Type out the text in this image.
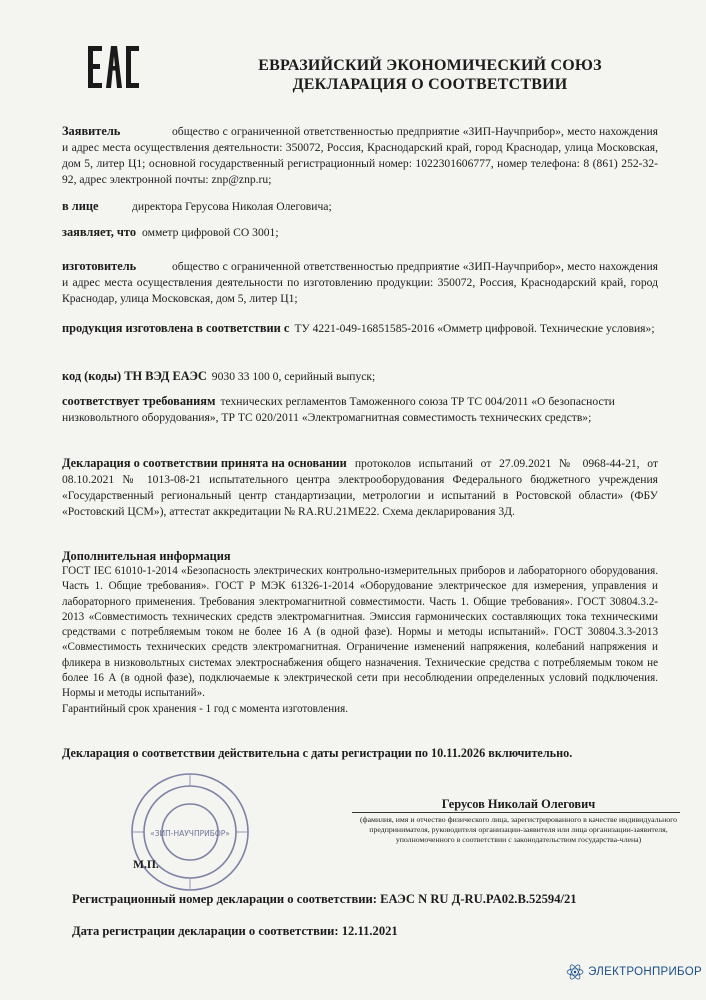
ЕВРАЗИЙСКИЙ ЭКОНОМИЧЕСКИЙ СОЮЗ
ДЕКЛАРАЦИЯ О СООТВЕТСТВИИ
Заявитель	общество с ограниченной ответственностью предприятие «ЗИП-Научприбор», место нахождения и адрес места осуществления деятельности: 350072, Россия, Краснодарский край, город Краснодар, улица Московская, дом 5, литер Ц1; основной государственный регистрационный номер: 1022301606777, номер телефона: 8 (861) 252-32-92, адрес электронной почты: znp@znp.ru;
в лице	директора Герусова Николая Олеговича;
заявляет, что омметр цифровой СО 3001;
изготовитель	общество с ограниченной ответственностью предприятие «ЗИП-Научприбор», место нахождения и адрес места осуществления деятельности по изготовлению продукции: 350072, Россия, Краснодарский край, город Краснодар, улица Московская, дом 5, литер Ц1;
продукция изготовлена в соответствии с ТУ 4221-049-16851585-2016 «Омметр цифровой. Технические условия»;
код (коды) ТН ВЭД ЕАЭС 9030 33 100 0, серийный выпуск;
соответствует требованиям технических регламентов Таможенного союза ТР ТС 004/2011 «О безопасности низковольтного оборудования», ТР ТС 020/2011 «Электромагнитная совместимость технических средств»;
Декларация о соответствии принята на основании протоколов испытаний от 27.09.2021 № 0968-44-21, от 08.10.2021 № 1013-08-21 испытательного центра электрооборудования Федерального бюджетного учреждения «Государственный региональный центр стандартизации, метрологии и испытаний в Ростовской области» (ФБУ «Ростовский ЦСМ»), аттестат аккредитации № RA.RU.21МЕ22. Схема декларирования 3Д.
Дополнительная информация
ГОСТ IEC 61010-1-2014 «Безопасность электрических контрольно-измерительных приборов и лабораторного оборудования. Часть 1. Общие требования». ГОСТ Р МЭК 61326-1-2014 «Оборудование электрическое для измерения, управления и лабораторного применения. Требования электромагнитной совместимости. Часть 1. Общие требования». ГОСТ 30804.3.2-2013 «Совместимость технических средств электромагнитная. Эмиссия гармонических составляющих тока техническими средствами с потребляемым током не более 16 А (в одной фазе). Нормы и методы испытаний». ГОСТ 30804.3.3-2013 «Совместимость технических средств электромагнитная. Ограничение изменений напряжения, колебаний напряжения и фликера в низковольтных системах электроснабжения общего назначения. Технические средства с потребляемым током не более 16 А (в одной фазе), подключаемые к электрической сети при несоблюдении определенных условий подключения. Нормы и методы испытаний».
Гарантийный срок хранения - 1 год с момента изготовления.
Декларация о соответствии действительна с даты регистрации по 10.11.2026 включительно.
«ЗИП-НАУЧПРИБОР»
Герусов Николай Олегович
(фамилия, имя и отчество физического лица, зарегистрированного в качестве индивидуального предпринимателя, руководителя организации-заявителя или лица организации-заявителя, уполномоченного в соответствии с законодательством государства-члена)
М.П.
Регистрационный номер декларации о соответствии: ЕАЭС N RU Д-RU.PA02.B.52594/21
Дата регистрации декларации о соответствии: 12.11.2021
ЭЛЕКТРОНПРИБОР
